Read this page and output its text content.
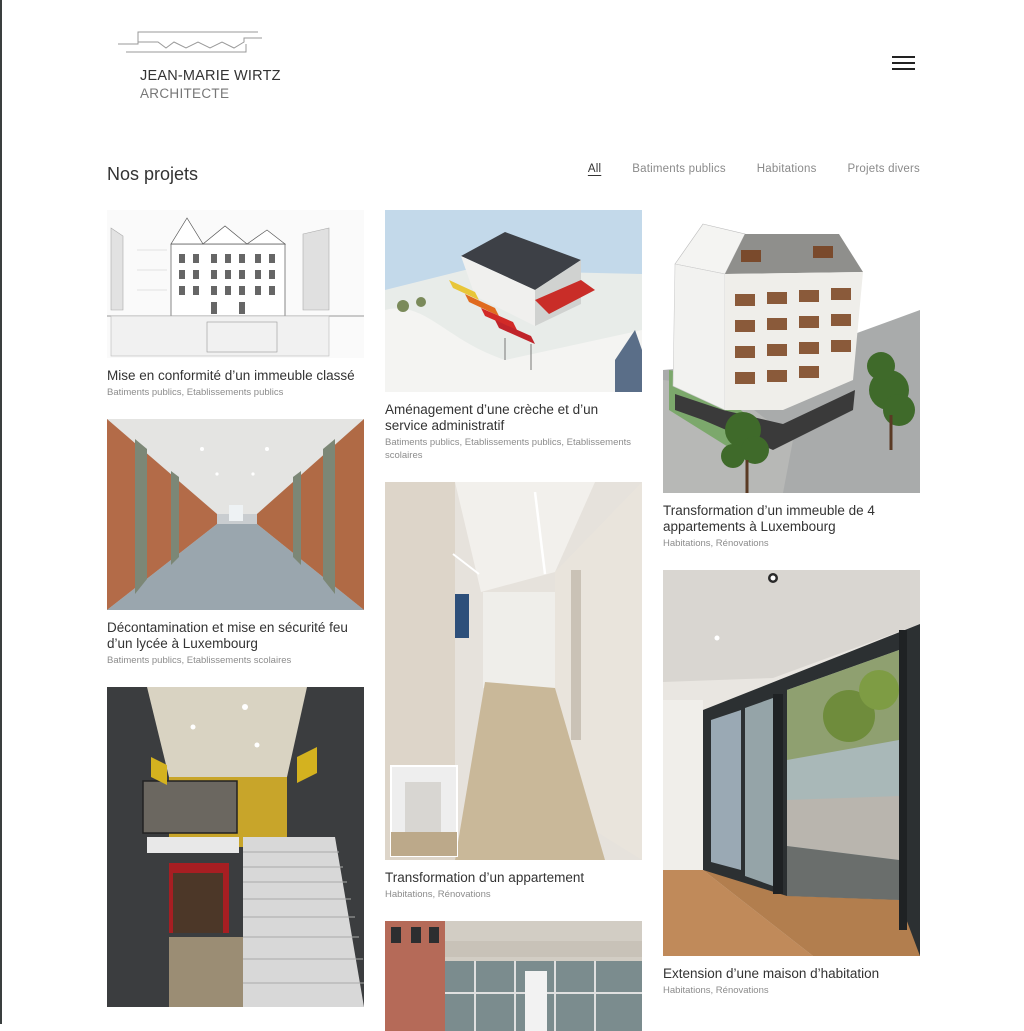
JEAN-MARIE WIRTZ
ARCHITECTE
Nos projets	All	Batiments publics	Habitations	Projets divers
Mise en conformité d’un immeuble classé
Batiments publics, Etablissements publics
Décontamination et mise en sécurité feu d’un lycée à Luxembourg
Batiments publics, Etablissements scolaires
Aménagement d’une crèche et d’un service administratif
Batiments publics, Etablissements publics, Etablissements scolaires
Transformation d’un appartement
Habitations, Rénovations
Transformation d’un immeuble de 4 appartements à Luxembourg
Habitations, Rénovations
Extension d’une maison d’habitation
Habitations, Rénovations
